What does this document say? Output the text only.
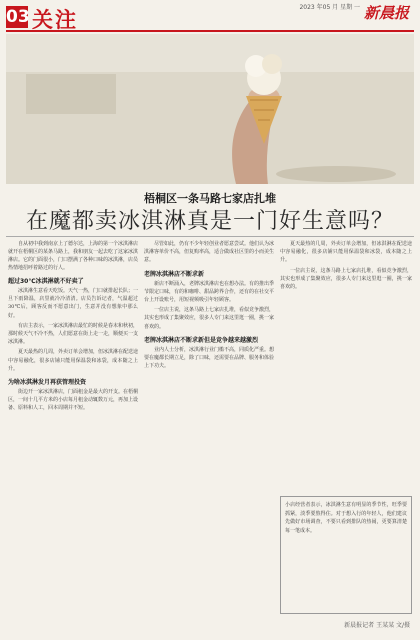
03 关注	2023 年05 月 星期 一 新晨报
梧桐区一条马路七家店扎堆
在魔都卖冰淇淋真是一门好生意吗？

自从初中我到南京上了德尔达，上海的第一个冰淇淋店就开在梧桐区的某条马路上，我和朋友一起去吃了这家冰淇淋店。它的门面很小，门口摆满了各种口味的冰淇淋，店员热情地招呼着路过的行人。

超过30℃冰淇淋就不好卖了

冰淇淋生意看天吃饭。天气一热，门口就排起长队；一旦下雨降温，店里就冷冷清清。店员告诉记者，气温超过30℃后，顾客反而不愿意出门，生意并没有想象中那么好。

有店主表示，一家冰淇淋店最忙的时候是春末和秋初，那时候天气不冷不热，人们愿意在街上走一走，顺便买一支冰淇淋。

夏天最热的几周，外卖订单会增加，但冰淇淋在配送途中容易融化，很多店铺只能用保温袋和冰袋，成本随之上升。

为啥冰淇淋发月再获管理投资

街边开一家冰淇淋店，门面租金是最大的开支。在梧桐区，一间十几平方米的小店每月租金动辄数万元，再加上设备、原料和人工，回本周期并不短。

尽管如此，仍有不少年轻创业者愿意尝试。他们认为冰淇淋客单价不高，但复购率高，适合做成社区里的小而美生意。

老牌冰淇淋店不断求新

新店不断涌入，老牌冰淇淋店也在想办法。有的推出季节限定口味，有的和咖啡、甜品跨界合作，还有的在社交平台上开设账号，用短视频吸引年轻顾客。

一位店主说，这条马路上七家店扎堆，看似竞争激烈，其实也形成了集聚效应，很多人专门来这里逛一圈，挑一家喜欢的。

老牌冰淇淋店不断求新但是竞争越来越激烈

业内人士分析，冰淇淋行业门槛不高，同质化严重。想要在魔都长期立足，除了口味，还需要在品牌、服务和体验上下功夫。

夏天最热的几周，外卖订单会增加，但冰淇淋在配送途中容易融化，很多店铺只能用保温袋和冰袋，成本随之上升。

一位店主说，这条马路上七家店扎堆，看似竞争激烈，其实也形成了集聚效应，很多人专门来这里逛一圈，挑一家喜欢的。

小店经营者表示，冰淇淋生意有明显的季节性，旺季要抓紧，淡季要熬得住。对于想入行的年轻人，他们建议先做好市场调查，不要只看到排队的热闹，更要算清楚每一笔成本。
新晨报记者 王某某 文/摄
